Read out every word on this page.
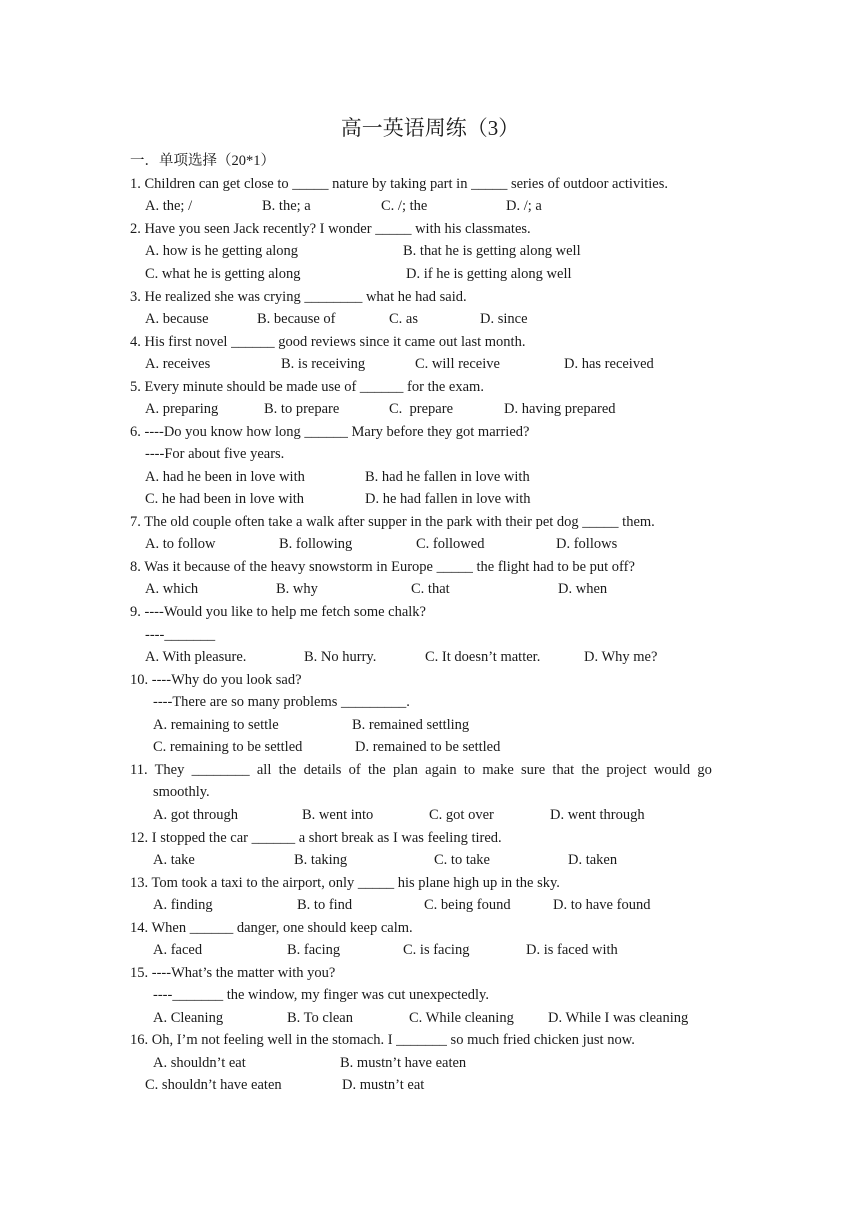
高一英语周练（3）
一．单项选择（20*1）
1. Children can get close to _____ nature by taking part in _____ series of outdoor activities.
A. the; /	B. the; a	C. /; the	D. /; a
2. Have you seen Jack recently? I wonder _____ with his classmates.
A. how is he getting along	B. that he is getting along well
C. what he is getting along	D. if he is getting along well
3. He realized she was crying ________ what he had said.
A. because	B. because of	C. as	D. since
4. His first novel ______ good reviews since it came out last month.
A. receives	B. is receiving	C. will receive	D. has received
5. Every minute should be made use of ______ for the exam.
A. preparing	B. to prepare	C.  prepare	D. having prepared
6. ----Do you know how long ______ Mary before they got married?
----For about five years.
A. had he been in love with	B. had he fallen in love with
C. he had been in love with	D. he had fallen in love with
7. The old couple often take a walk after supper in the park with their pet dog _____ them.
A. to follow	B. following	C. followed	D. follows
8. Was it because of the heavy snowstorm in Europe _____ the flight had to be put off?
A. which	B. why	C. that	D. when
9. ----Would you like to help me fetch some chalk?
----_______
A. With pleasure.	B. No hurry.	C. It doesn’t matter.	D. Why me?
10. ----Why do you look sad?
----There are so many problems _________.
A. remaining to settle	B. remained settling
C. remaining to be settled	D. remained to be settled
11.  They  ________  all  the  details  of  the  plan  again  to  make  sure  that  the  project  would  go
smoothly.
A. got through	B. went into	C. got over	D. went through
12. I stopped the car ______ a short break as I was feeling tired.
A. take	B. taking	C. to take	D. taken
13. Tom took a taxi to the airport, only _____ his plane high up in the sky.
A. finding	B. to find	C. being found	D. to have found
14. When ______ danger, one should keep calm.
A. faced	B. facing	C. is facing	D. is faced with
15. ----What’s the matter with you?
----_______ the window, my finger was cut unexpectedly.
A. Cleaning	B. To clean	C. While cleaning D. While I was cleaning
16. Oh, I’m not feeling well in the stomach. I _______ so much fried chicken just now.
A. shouldn’t eat	B. mustn’t have eaten
C. shouldn’t have eaten	D. mustn’t eat
